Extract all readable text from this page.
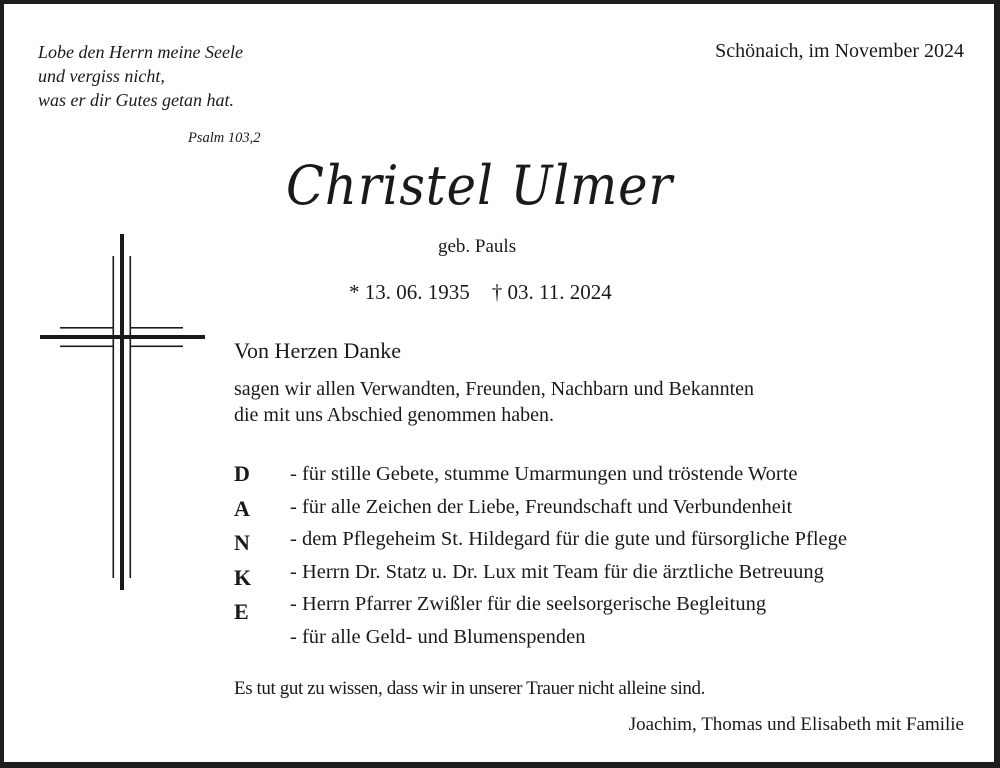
Lobe den Herrn meine Seele
und vergiss nicht,
was er dir Gutes getan hat.
Psalm 103,2
Schönaich, im November 2024
Christel Ulmer
geb. Pauls
* 13. 06. 1935 † 03. 11. 2024
Von Herzen Danke
sagen wir allen Verwandten, Freunden, Nachbarn und Bekannten
die mit uns Abschied genommen haben.
D
A
N
K
E
- für stille Gebete, stumme Umarmungen und tröstende Worte
- für alle Zeichen der Liebe, Freundschaft und Verbundenheit
- dem Pflegeheim St. Hildegard für die gute und fürsorgliche Pflege
- Herrn Dr. Statz u. Dr. Lux mit Team für die ärztliche Betreuung
- Herrn Pfarrer Zwißler für die seelsorgerische Begleitung
- für alle Geld- und Blumenspenden
Es tut gut zu wissen, dass wir in unserer Trauer nicht alleine sind.
Joachim, Thomas und Elisabeth mit Familie
